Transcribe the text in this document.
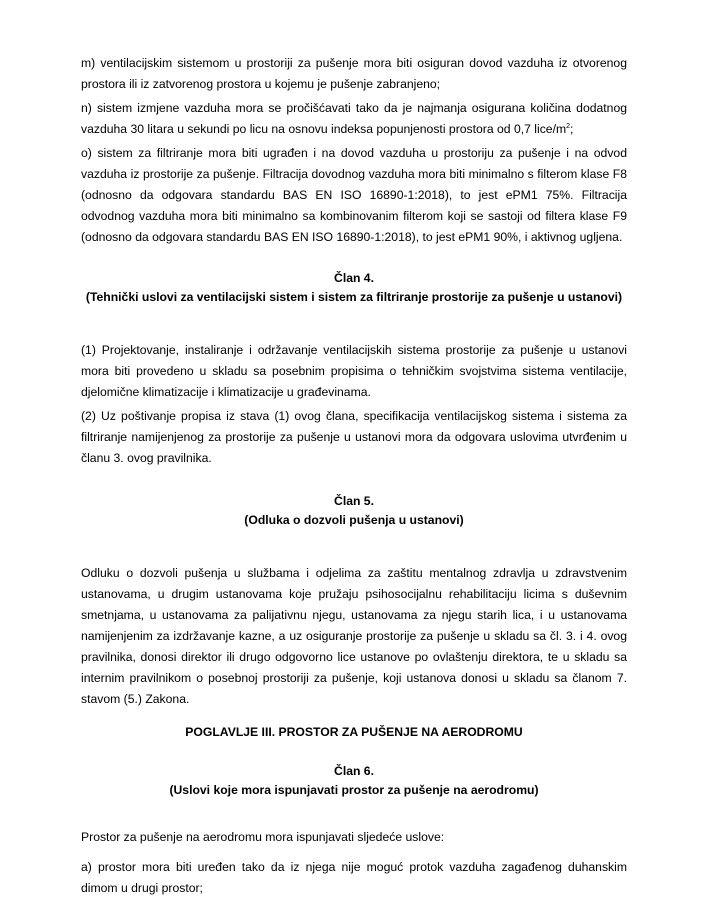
m) ventilacijskim sistemom u prostoriji za pušenje mora biti osiguran dovod vazduha iz otvorenog prostora ili iz zatvorenog prostora u kojemu je pušenje zabranjeno;

n) sistem izmjene vazduha mora se pročišćavati tako da je najmanja osigurana količina dodatnog vazduha 30 litara u sekundi po licu na osnovu indeksa popunjenosti prostora od 0,7 lice/$m^2$;

o) sistem za filtriranje mora biti ugrađen i na dovod vazduha u prostoriju za pušenje i na odvod vazduha iz prostorije za pušenje. Filtracija dovodnog vazduha mora biti minimalno s filterom klase F8 (odnosno da odgovara standardu BAS EN ISO 16890-1:2018), to jest ePM1 75%. Filtracija odvodnog vazduha mora biti minimalno sa kombinovanim filterom koji se sastoji od filtera klase F9 (odnosno da odgovara standardu BAS EN ISO 16890-1:2018), to jest ePM1 90%, i aktivnog uglјena.

Član 4.

(Tehnički uslovi za ventilacijski sistem i sistem za filtriranje prostorije za pušenje u ustanovi)

(1) Projektovanje, instaliranje i održavanje ventilacijskih sistema prostorije za pušenje u ustanovi mora biti provedeno u skladu sa posebnim propisima o tehničkim svojstvima sistema ventilacije, djelomične klimatizacije i klimatizacije u građevinama.

(2) Uz poštivanje propisa iz stava (1) ovog člana, specifikacija ventilacijskog sistema i sistema za filtriranje namijenjenog za prostorije za pušenje u ustanovi mora da odgovara uslovima utvrđenim u članu 3. ovog pravilnika.

Član 5.

(Odluka o dozvoli pušenja u ustanovi)

Odluku o dozvoli pušenja u službama i odjelima za zaštitu mentalnog zdravlja u zdravstvenim ustanovama, u drugim ustanovama koje pružaju psihosocijalnu rehabilitaciju licima s duševnim smetnjama, u ustanovama za palijativnu njegu, ustanovama za njegu starih lica, i u ustanovama namijenjenim za izdržavanje kazne, a uz osiguranje prostorije za pušenje u skladu sa čl. 3. i 4. ovog pravilnika, donosi direktor ili drugo odgovorno lice ustanove po ovlaštenju direktora, te u skladu sa internim pravilnikom o posebnoj prostoriji za pušenje, koji ustanova donosi u skladu sa članom 7. stavom (5.) Zakona.

POGLAVLJE III. PROSTOR ZA PUŠENJE NA AERODROMU

Član 6.

(Uslovi koje mora ispunjavati prostor za pušenje na aerodromu)

Prostor za pušenje na aerodromu mora ispunjavati sljedeće uslove:

a) prostor mora biti uređen tako da iz njega nije moguć protok vazduha zagađenog duhanskim dimom u drugi prostor;
